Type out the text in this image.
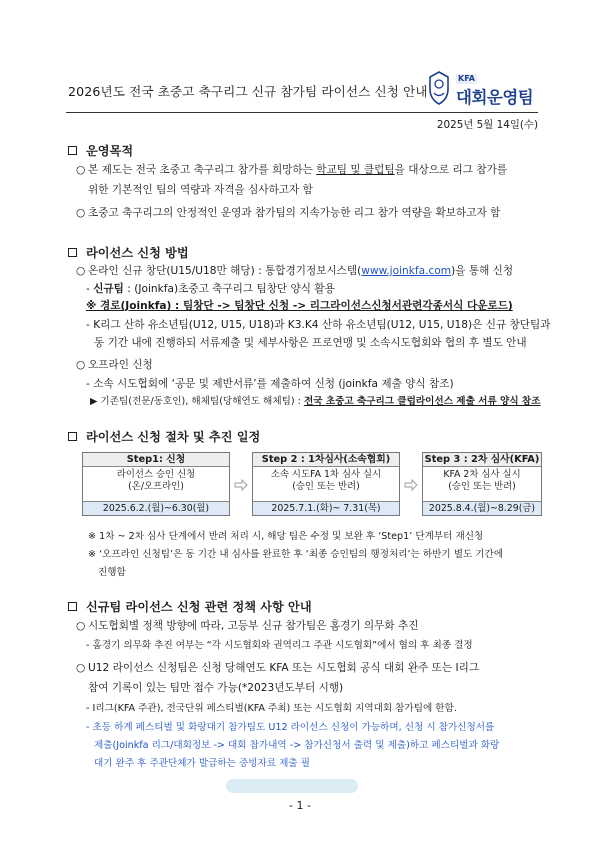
2026년도 전국 초중고 축구리그 신규 참가팀 라이선스 신청 안내
KFA
대회운영팀
2025년 5월 14일(수)
운영목적
○ 본 제도는 전국 초중고 축구리그 참가를 희망하는 학교팀 및 클럽팀을 대상으로 리그 참가를
위한 기본적인 팀의 역량과 자격을 심사하고자 함
○ 초중고 축구리그의 안정적인 운영과 참가팀의 지속가능한 리그 참가 역량을 확보하고자 함
라이선스 신청 방법
○ 온라인 신규 창단(U15/U18만 해당) : 통합경기정보시스템(www.joinkfa.com)을 통해 신청
- 신규팀 : (Joinkfa)초중고 축구리그 팀창단 양식 활용
※ 경로(Joinkfa) : 팀창단 -> 팀창단 신청 -> 리그라이선스신청서관련각종서식 다운로드)
- K리그 산하 유소년팀(U12, U15, U18)과 K3.K4 산하 유소년팀(U12, U15, U18)은 신규 창단팀과
동 기간 내에 진행하되 서류제출 및 세부사항은 프로연맹 및 소속시도협회와 협의 후 별도 안내
○ 오프라인 신청
- 소속 시도협회에 ‘공문 및 제반서류’를 제출하여 신청 (joinkfa 제출 양식 참조)
▶ 기존팀(전문/동호인), 해체팀(당해연도 해체팀) : 전국 초중고 축구리그 클럽라이선스 제출 서류 양식 참조
라이선스 신청 절차 및 추진 일정
Step1: 신청
라이선스 승인 신청
(온/오프라인)
2025.6.2.(월)~6.30(월)
Step 2 : 1차심사(소속협회)
소속 시도FA 1차 심사 실시
(승인 또는 반려)
2025.7.1.(화)~ 7.31(목)
Step 3 : 2차 심사(KFA)
KFA 2차 심사 실시
(승인 또는 반려)
2025.8.4.(월)~8.29(금)
※ 1차 ~ 2차 심사 단계에서 반려 처리 시, 해당 팀은 수정 및 보완 후 ‘Step1’ 단계부터 재신청
※ ‘오프라인 신청팀’은 동 기간 내 심사를 완료한 후 ‘최종 승인팀의 행정처리’는 하반기 별도 기간에
진행함
신규팀 라이선스 신청 관련 정책 사항 안내
○ 시도협회별 정책 방향에 따라, 고등부 신규 참가팀은 홈경기 의무화 추진
- 홈경기 의무화 추진 여부는 “각 시도협회와 권역리그 주관 시도협회”에서 협의 후 최종 결정
○ U12 라이선스 신청팀은 신청 당해연도 KFA 또는 시도협회 공식 대회 완주 또는 I리그
참여 기록이 있는 팀만 접수 가능(*2023년도부터 시행)
- I리그(KFA 주관), 전국단위 페스티벌(KFA 주최) 또는 시도협회 지역대회 참가팀에 한함.
- 초등 하계 페스티벌 및 화랑대기 참가팀도 U12 라이선스 신청이 가능하며, 신청 시 참가신청서를
제출(Joinkfa 리그/대회정보 -> 대회 참가내역 -> 참가신청서 출력 및 제출)하고 페스티벌과 화랑
대기 완주 후 주관단체가 발급하는 증빙자료 제출 필
- 1 -
